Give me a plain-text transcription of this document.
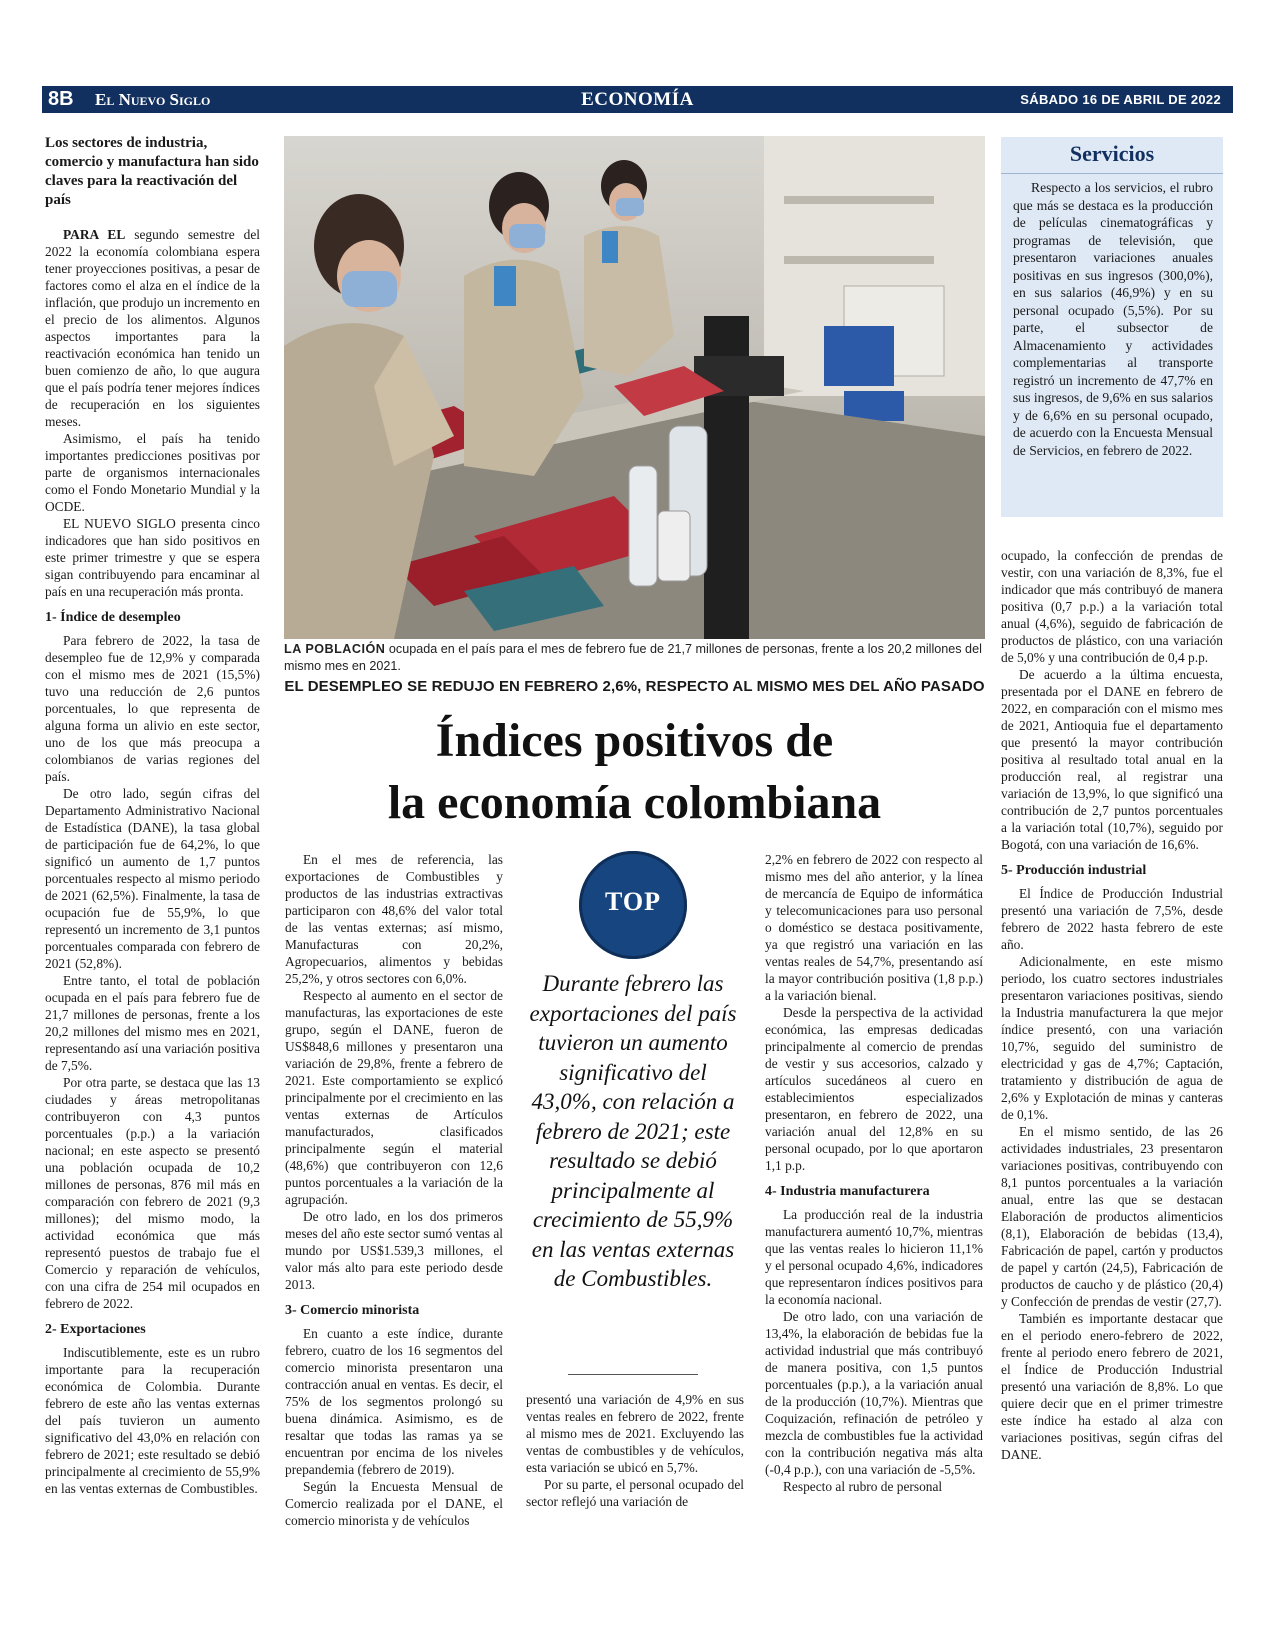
8B El Nuevo Siglo	ECONOMÍA	SÁBADO 16 DE ABRIL DE 2022
Los sectores de industria, comercio y manufactura han sido claves para la reactivación del país

PARA EL segundo semestre del 2022 la economía colombiana espera tener proyecciones positivas, a pesar de factores como el alza en el índice de la inflación, que produjo un incremento en el precio de los alimentos. Algunos aspectos importantes para la reactivación económica han tenido un buen comienzo de año, lo que augura que el país podría tener mejores índices de recuperación en los siguientes meses.

Asimismo, el país ha tenido importantes predicciones positivas por parte de organismos internacionales como el Fondo Monetario Mundial y la OCDE.

EL NUEVO SIGLO presenta cinco indicadores que han sido positivos en este primer trimestre y que se espera sigan contribuyendo para encaminar al país en una recuperación más pronta.

1- Índice de desempleo

Para febrero de 2022, la tasa de desempleo fue de 12,9% y comparada con el mismo mes de 2021 (15,5%) tuvo una reducción de 2,6 puntos porcentuales, lo que representa de alguna forma un alivio en este sector, uno de los que más preocupa a colombianos de varias regiones del país.

De otro lado, según cifras del Departamento Administrativo Nacional de Estadística (DANE), la tasa global de participación fue de 64,2%, lo que significó un aumento de 1,7 puntos porcentuales respecto al mismo periodo de 2021 (62,5%). Finalmente, la tasa de ocupación fue de 55,9%, lo que representó un incremento de 3,1 puntos porcentuales comparada con febrero de 2021 (52,8%).

Entre tanto, el total de población ocupada en el país para febrero fue de 21,7 millones de personas, frente a los 20,2 millones del mismo mes en 2021, representando así una variación positiva de 7,5%.

Por otra parte, se destaca que las 13 ciudades y áreas metropolitanas contribuyeron con 4,3 puntos porcentuales (p.p.) a la variación nacional; en este aspecto se presentó una población ocupada de 10,2 millones de personas, 876 mil más en comparación con febrero de 2021 (9,3 millones); del mismo modo, la actividad económica que más representó puestos de trabajo fue el Comercio y reparación de vehículos, con una cifra de 254 mil ocupados en febrero de 2022.

2- Exportaciones

Indiscutiblemente, este es un rubro importante para la recuperación económica de Colombia. Durante febrero de este año las ventas externas del país tuvieron un aumento significativo del 43,0% en relación con febrero de 2021; este resultado se debió principalmente al crecimiento de 55,9% en las ventas externas de Combustibles.

LA POBLACIÓN ocupada en el país para el mes de febrero fue de 21,7 millones de personas, frente a los 20,2 millones del mismo mes en 2021.
Servicios

Respecto a los servicios, el rubro que más se destaca es la producción de películas cinematográficas y programas de televisión, que presentaron variaciones anuales positivas en sus ingresos (300,0%), en sus salarios (46,9%) y en su personal ocupado (5,5%). Por su parte, el subsector de Almacenamiento y actividades complementarias al transporte registró un incremento de 47,7% en sus ingresos, de 9,6% en sus salarios y de 6,6% en su personal ocupado, de acuerdo con la Encuesta Mensual de Servicios, en febrero de 2022.

ocupado, la confección de prendas de vestir, con una variación de 8,3%, fue el indicador que más contribuyó de manera positiva (0,7 p.p.) a la variación total anual (4,6%), seguido de fabricación de productos de plástico, con una variación de 5,0% y una contribución de 0,4 p.p.

De acuerdo a la última encuesta, presentada por el DANE en febrero de 2022, en comparación con el mismo mes de 2021, Antioquia fue el departamento que presentó la mayor contribución positiva al resultado total anual en la producción real, al registrar una variación de 13,9%, lo que significó una contribución de 2,7 puntos porcentuales a la variación total (10,7%), seguido por Bogotá, con una variación de 16,6%.

5- Producción industrial

El Índice de Producción Industrial presentó una variación de 7,5%, desde febrero de 2022 hasta febrero de este año.

Adicionalmente, en este mismo periodo, los cuatro sectores industriales presentaron variaciones positivas, siendo la Industria manufacturera la que mejor índice presentó, con una variación 10,7%, seguido del suministro de electricidad y gas de 4,7%; Captación, tratamiento y distribución de agua de 2,6% y Explotación de minas y canteras de 0,1%.

En el mismo sentido, de las 26 actividades industriales, 23 presentaron variaciones positivas, contribuyendo con 8,1 puntos porcentuales a la variación anual, entre las que se destacan Elaboración de productos alimenticios (8,1), Elaboración de bebidas (13,4), Fabricación de papel, cartón y productos de papel y cartón (24,5), Fabricación de productos de caucho y de plástico (20,4) y Confección de prendas de vestir (27,7).

También es importante destacar que en el periodo enero-febrero de 2022, frente al periodo enero febrero de 2021, el Índice de Producción Industrial presentó una variación de 8,8%. Lo que quiere decir que en el primer trimestre este índice ha estado al alza con variaciones positivas, según cifras del DANE.

EL DESEMPLEO SE REDUJO EN FEBRERO 2,6%, RESPECTO AL MISMO MES DEL AÑO PASADO
Índices positivos de
la economía colombiana

En el mes de referencia, las exportaciones de Combustibles y productos de las industrias extractivas participaron con 48,6% del valor total de las ventas externas; así mismo, Manufacturas con 20,2%, Agropecuarios, alimentos y bebidas 25,2%, y otros sectores con 6,0%.

Respecto al aumento en el sector de manufacturas, las exportaciones de este grupo, según el DANE, fueron de US$848,6 millones y presentaron una variación de 29,8%, frente a febrero de 2021. Este comportamiento se explicó principalmente por el crecimiento en las ventas externas de Artículos manufacturados, clasificados principalmente según el material (48,6%) que contribuyeron con 12,6 puntos porcentuales a la variación de la agrupación.

De otro lado, en los dos primeros meses del año este sector sumó ventas al mundo por US$1.539,3 millones, el valor más alto para este periodo desde 2013.

3- Comercio minorista

En cuanto a este índice, durante febrero, cuatro de los 16 segmentos del comercio minorista presentaron una contracción anual en ventas. Es decir, el 75% de los segmentos prolongó su buena dinámica. Asimismo, es de resaltar que todas las ramas ya se encuentran por encima de los niveles prepandemia (febrero de 2019).

Según la Encuesta Mensual de Comercio realizada por el DANE, el comercio minorista y de vehículos

TOP
Durante febrero las exportaciones del país tuvieron un aumento significativo del 43,0%, con relación a febrero de 2021; este resultado se debió principalmente al crecimiento de 55,9% en las ventas externas de Combustibles.

presentó una variación de 4,9% en sus ventas reales en febrero de 2022, frente al mismo mes de 2021. Excluyendo las ventas de combustibles y de vehículos, esta variación se ubicó en 5,7%.

Por su parte, el personal ocupado del sector reflejó una variación de

2,2% en febrero de 2022 con respecto al mismo mes del año anterior, y la línea de mercancía de Equipo de informática y telecomunicaciones para uso personal o doméstico se destaca positivamente, ya que registró una variación en las ventas reales de 54,7%, presentando así la mayor contribución positiva (1,8 p.p.) a la variación bienal.

Desde la perspectiva de la actividad económica, las empresas dedicadas principalmente al comercio de prendas de vestir y sus accesorios, calzado y artículos sucedáneos al cuero en establecimientos especializados presentaron, en febrero de 2022, una variación anual del 12,8% en su personal ocupado, por lo que aportaron 1,1 p.p.

4- Industria manufacturera

La producción real de la industria manufacturera aumentó 10,7%, mientras que las ventas reales lo hicieron 11,1% y el personal ocupado 4,6%, indicadores que representaron índices positivos para la economía nacional.

De otro lado, con una variación de 13,4%, la elaboración de bebidas fue la actividad industrial que más contribuyó de manera positiva, con 1,5 puntos porcentuales (p.p.), a la variación anual de la producción (10,7%). Mientras que Coquización, refinación de petróleo y mezcla de combustibles fue la actividad con la contribución negativa más alta (-0,4 p.p.), con una variación de -5,5%.

Respecto al rubro de personal
